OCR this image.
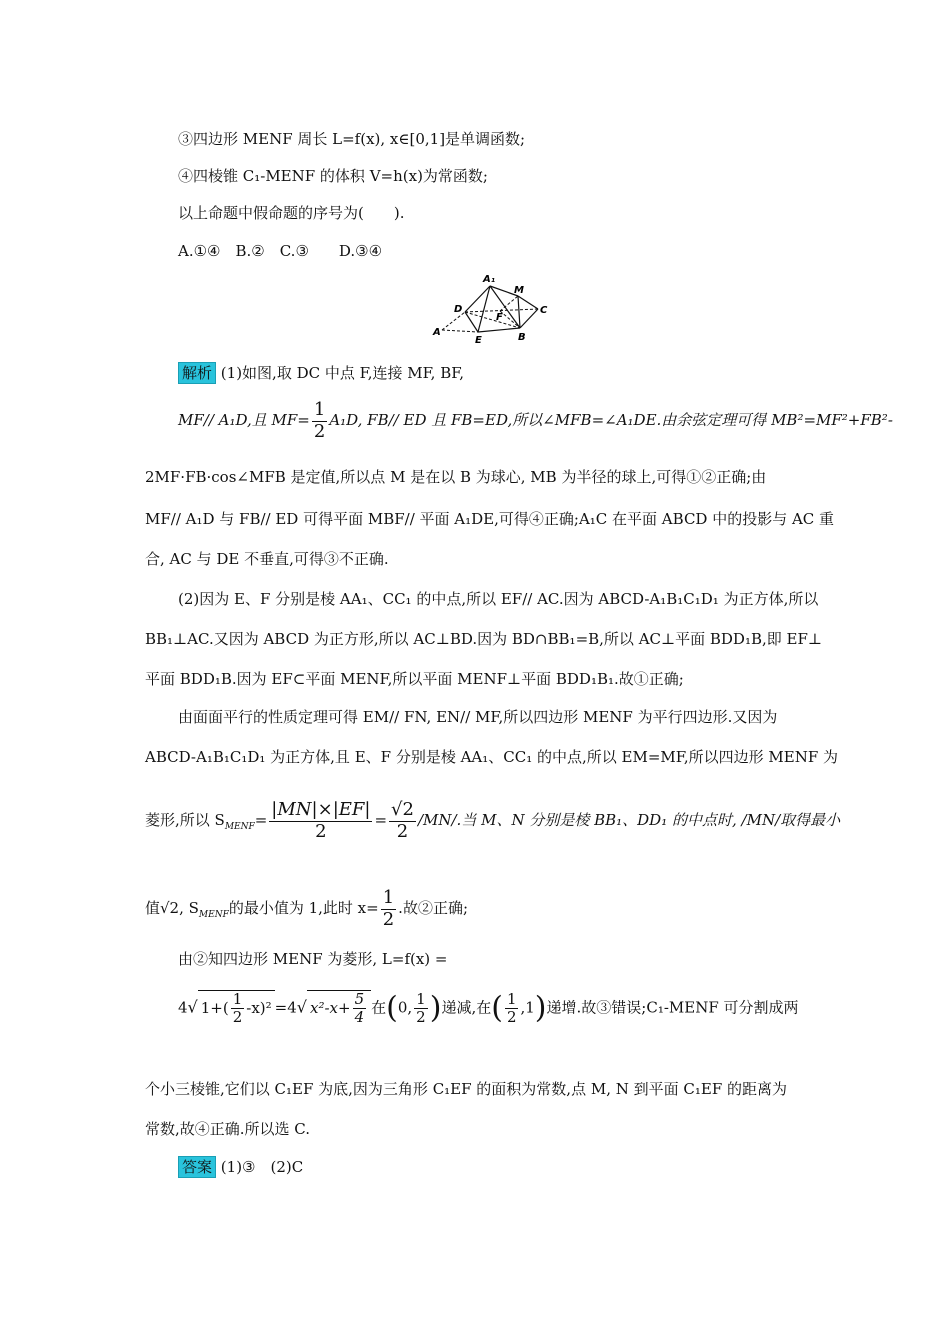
③四边形 MENF 周长 L=f(x), x∈[0,1]是单调函数;
④四棱锥 C₁-MENF 的体积 V=h(x)为常函数;
以上命题中假命题的序号为(　　).
A.①④　B.②　C.③　　D.③④
A₁
M
D	C
F
A
E	B
解析 (1)如图,取 DC 中点 F,连接 MF, BF,
MF// A₁D,且 $MF= \frac{1}{2} A_1D$, FB// ED 且 FB=ED,所以∠MFB=∠A₁DE.由余弦定理可得 MB²=MF²+FB²-
2MF·FB·cos∠MFB 是定值,所以点 M 是在以 B 为球心, MB 为半径的球上,可得①②正确;由
MF// A₁D 与 FB// ED 可得平面 MBF// 平面 A₁DE,可得④正确;A₁C 在平面 ABCD 中的投影与 AC 重
合, AC 与 DE 不垂直,可得③不正确.
(2)因为 E、F 分别是棱 AA₁、CC₁ 的中点,所以 EF// AC.因为 ABCD-A₁B₁C₁D₁ 为正方体,所以
BB₁⊥AC.又因为 ABCD 为正方形,所以 AC⊥BD.因为 BD∩BB₁=B,所以 AC⊥平面 BDD₁B,即 EF⊥
平面 BDD₁B.因为 EF⊂平面 MENF,所以平面 MENF⊥平面 BDD₁B₁.故①正确;
由面面平行的性质定理可得 EM// FN, EN// MF,所以四边形 MENF 为平行四边形.又因为
ABCD-A₁B₁C₁D₁ 为正方体,且 E、F 分别是棱 AA₁、CC₁ 的中点,所以 EM=MF,所以四边形 MENF 为
菱形,所以 $S_{MENF}= \frac{|MN|\times|EF|}{2} = \frac{√2}{2} /MN/$.当 M、N 分别是棱 BB₁、DD₁ 的中点时, /MN/取得最小
值√2, $S_{MENF}$的最小值为 1,此时 $x= \frac{1}{2}$ .故②正确;
由②知四边形 MENF 为菱形, L=f(x) =
4√ $1+( \frac{1}{2} -x)^2 =4√$ $x^2-x+ \frac{5}{4}$ 在(0, $\frac{1}{2}$ )递减,在( $\frac{1}{2} ,1$)递增.故③错误;C₁-MENF 可分割成两
个小三棱锥,它们以 C₁EF 为底,因为三角形 C₁EF 的面积为常数,点 M, N 到平面 C₁EF 的距离为
常数,故④正确.所以选 C.
答案 (1)③　(2)C
